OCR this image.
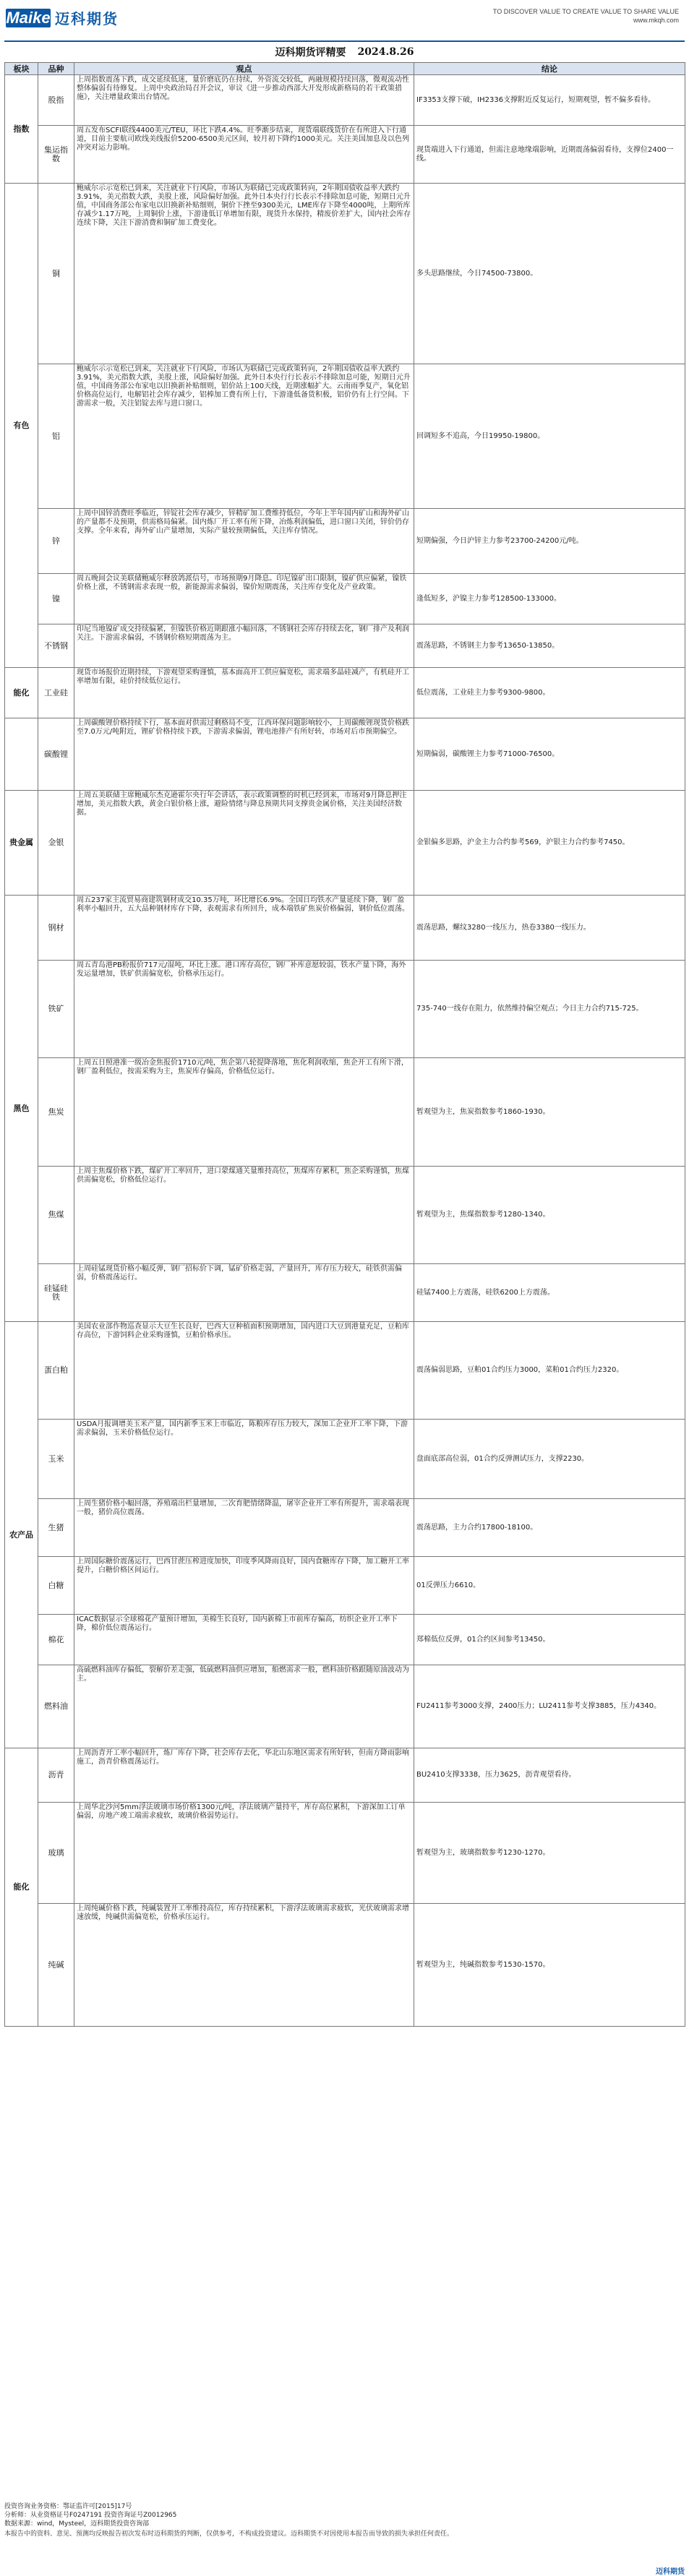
Maike 迈科期货	TO DISCOVER VALUE TO CREATE VALUE TO SHARE VALUE
www.mkqh.com
迈科期货评精要 2024.8.26
板块	品种	观点	结论
指数	股指	上周指数震荡下跌，成交延续低迷，量价磨底仍在持续，外资流交较低，两融规模持续回落，微观流动性整体偏弱有待修复。上周中央政治局召开会议，审议《进一步推动西部大开发形成新格局的若干政策措施》，关注增量政策出台情况。	IF3353支撑下破，IH2336支撑附近反复运行，短期观望，暂不偏多看待。
	集运指数	周五发布SCFI联线4400美元/TEU，环比下跌4.4%。旺季渐步结束，现货端联线货价在有所进入下行通道，目前主要航司欧线美线报价5200-6500美元区间，较月初下降约1000美元。关注美国加息及以色列冲突对运力影响。	现货端进入下行通道，但需注意地缘端影响，近期震荡偏弱看待，支撑位2400一线。
有色	铜	鲍威尔示示宽松已到来，关注就业下行风险，市场认为联储已完成政策转向，2年期国债收益率大跌约3.91%，美元指数大跌，美股上涨，风险偏好加强。此外日本央行行长表示不排除加息可能，短期日元升值，中国商务部公布家电以旧换新补贴细则，铜价下挫至9300美元，LME库存下降至4000吨，上期所库存减少1.17万吨，上周铜价上涨，下游逢低订单增加有限，现货升水保持，精废价差扩大，国内社会库存连续下降，关注下游消费和铜矿加工费变化。	多头思路继续，今日74500-73800。
	铝	鲍威尔示示宽松已到来，关注就业下行风险，市场认为联储已完成政策转向，2年期国债收益率大跌约3.91%，美元指数大跌，美股上涨，风险偏好加强。此外日本央行行长表示不排除加息可能，短期日元升值，中国商务部公布家电以旧换新补贴细则，铝价站上100天线，近期涨幅扩大。云南雨季复产，氧化铝价格高位运行，电解铝社会库存减少，铝棒加工费有所上行，下游逢低备货积极，铝价仍有上行空间。下游需求一般，关注铝锭去库与进口窗口。	回调短多不追高，今日19950-19800。
	锌	上周中国锌消费旺季临近，锌锭社会库存减少，锌精矿加工费维持低位，今年上半年国内矿山和海外矿山的产量都不及预期，供需格局偏紧。国内炼厂开工率有所下降，冶炼利润偏低，进口窗口关闭，锌价仍存支撑。全年来看，海外矿山产量增加，实际产量较预期偏低，关注库存情况。	短期偏强，今日沪锌主力参考23700-24200元/吨。
	镍	周五晚间会议美联储鲍威尔释放鸽派信号，市场预期9月降息。印尼镍矿出口限制，镍矿供应偏紧，镍铁价格上涨，不锈钢需求表现一般，新能源需求偏弱，镍价短期震荡，关注库存变化及产业政策。	逢低短多，沪镍主力参考128500-133000。
	不锈钢	印尼当地镍矿成交持续偏紧，但镍铁价格近期跟涨小幅回落，不锈钢社会库存持续去化，钢厂排产及利润关注。下游需求偏弱，不锈钢价格短期震荡为主。	震荡思路，不锈钢主力参考13650-13850。
能化	工业硅	现货市场报价近期持续，下游观望采购谨慎，基本面高开工供应偏宽松，需求端多晶硅减产，有机硅开工率增加有限，硅价持续低位运行。	低位震荡，工业硅主力参考9300-9800。
	碳酸锂	上周碳酸锂价格持续下行，基本面对供需过剩格局不变，江西环保问题影响较小，上周碳酸锂现货价格跌至7.0万元/吨附近，锂矿价格持续下跌，下游需求偏弱，锂电池排产有所好转，市场对后市预期偏空。	短期偏弱，碳酸锂主力参考71000-76500。
贵金属	金银	上周五美联储主席鲍威尔杰克逊霍尔央行年会讲话，表示政策调整的时机已经到来，市场对9月降息押注增加，美元指数大跌，黄金白银价格上涨，避险情绪与降息预期共同支撑贵金属价格，关注美国经济数据。	金银偏多思路，沪金主力合约参考569，沪银主力合约参考7450。
黑色	钢材	周五237家主流贸易商建筑钢材成交10.35万吨，环比增长6.9%。全国日均铁水产量延续下降，钢厂盈利率小幅回升，五大品种钢材库存下降，表观需求有所回升，成本端铁矿焦炭价格偏弱，钢价低位震荡。	震荡思路，螺纹3280一线压力，热卷3380一线压力。
	铁矿	周五青岛港PB粉报价717元/湿吨，环比上涨。港口库存高位，钢厂补库意愿较弱，铁水产量下降，海外发运量增加，铁矿供需偏宽松，价格承压运行。	735-740一线存在阻力，依然维持偏空观点；今日主力合约715-725。
	焦炭	上周五日照港准一级冶金焦报价1710元/吨，焦企第八轮提降落地，焦化利润收缩，焦企开工有所下滑，钢厂盈利低位，按需采购为主，焦炭库存偏高，价格低位运行。	暂观望为主，焦炭指数参考1860-1930。
	焦煤	上周主焦煤价格下跌，煤矿开工率回升，进口蒙煤通关量维持高位，焦煤库存累积，焦企采购谨慎，焦煤供需偏宽松，价格低位运行。	暂观望为主，焦煤指数参考1280-1340。
	硅锰硅铁	上周硅锰现货价格小幅反弹，钢厂招标价下调，锰矿价格走弱，产量回升，库存压力较大，硅铁供需偏弱，价格震荡运行。	硅锰7400上方震荡，硅铁6200上方震荡。
农产品	蛋白粕	美国农业部作物巡查显示大豆生长良好，巴西大豆种植面积预期增加，国内进口大豆到港量充足，豆粕库存高位，下游饲料企业采购谨慎，豆粕价格承压。	震荡偏弱思路，豆粕01合约压力3000，菜粕01合约压力2320。
	玉米	USDA月报调增美玉米产量，国内新季玉米上市临近，陈粮库存压力较大，深加工企业开工率下降，下游需求偏弱，玉米价格低位运行。	盘面底部高位弱，01合约反弹测试压力，支撑2230。
	生猪	上周生猪价格小幅回落，养殖端出栏量增加，二次育肥情绪降温，屠宰企业开工率有所提升，需求端表现一般，猪价高位震荡。	震荡思路，主力合约17800-18100。
	白糖	上周国际糖价震荡运行，巴西甘蔗压榨进度加快，印度季风降雨良好，国内食糖库存下降，加工糖开工率提升，白糖价格区间运行。	01反弹压力6610。
	棉花	ICAC数据显示全球棉花产量预计增加，美棉生长良好，国内新棉上市前库存偏高，纺织企业开工率下降，棉价低位震荡运行。	郑棉低位反弹，01合约区间参考13450。
	燃料油	高硫燃料油库存偏低，裂解价差走强，低硫燃料油供应增加，船燃需求一般，燃料油价格跟随原油波动为主。	FU2411参考3000支撑，2400压力；LU2411参考支撑3885，压力4340。
能化	沥青	上周沥青开工率小幅回升，炼厂库存下降，社会库存去化，华北山东地区需求有所好转，但南方降雨影响施工，沥青价格震荡运行。	BU2410支撑3338，压力3625，沥青观望看待。
	玻璃	上周华北沙河5mm浮法玻璃市场价格1300元/吨，浮法玻璃产量持平，库存高位累积，下游深加工订单偏弱，房地产竣工端需求疲软，玻璃价格弱势运行。	暂观望为主，玻璃指数参考1230-1270。
	纯碱	上周纯碱价格下跌，纯碱装置开工率维持高位，库存持续累积，下游浮法玻璃需求疲软，光伏玻璃需求增速放缓，纯碱供需偏宽松，价格承压运行。	暂观望为主，纯碱指数参考1530-1570。
投资咨询业务资格：鄂证监许可[2015]17号
分析师：从业资格证号F0247191 投资咨询证号Z0012965
数据来源：wind，Mysteel，迈科期货投资咨询部
本报告中的资料、意见、预测均反映报告初次发布时迈科期货的判断，仅供参考，不构成投资建议。迈科期货不对因使用本报告而导致的损失承担任何责任。
迈科期货
